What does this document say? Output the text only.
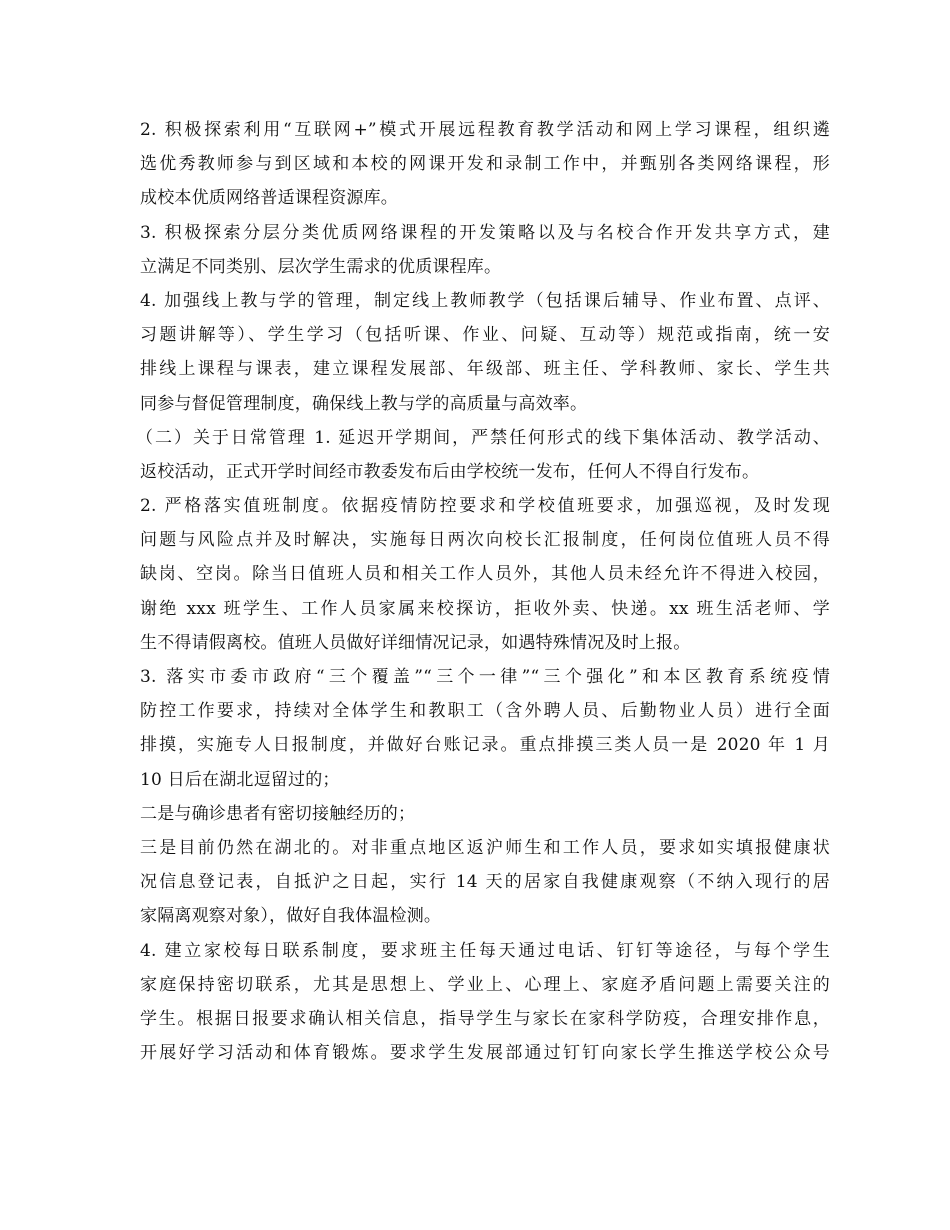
2. 积极探索利用“互联网+”模式开展远程教育教学活动和网上学习课程，组织遴
选优秀教师参与到区域和本校的网课开发和录制工作中，并甄别各类网络课程，形
成校本优质网络普适课程资源库。
3. 积极探索分层分类优质网络课程的开发策略以及与名校合作开发共享方式，建
立满足不同类别、层次学生需求的优质课程库。
4. 加强线上教与学的管理，制定线上教师教学（包括课后辅导、作业布置、点评、
习题讲解等）、学生学习（包括听课、作业、问疑、互动等）规范或指南，统一安
排线上课程与课表，建立课程发展部、年级部、班主任、学科教师、家长、学生共
同参与督促管理制度，确保线上教与学的高质量与高效率。
（二）关于日常管理 1. 延迟开学期间，严禁任何形式的线下集体活动、教学活动、
返校活动，正式开学时间经市教委发布后由学校统一发布，任何人不得自行发布。
2. 严格落实值班制度。依据疫情防控要求和学校值班要求，加强巡视，及时发现
问题与风险点并及时解决，实施每日两次向校长汇报制度，任何岗位值班人员不得
缺岗、空岗。除当日值班人员和相关工作人员外，其他人员未经允许不得进入校园，
谢绝 xxx 班学生、工作人员家属来校探访，拒收外卖、快递。xx 班生活老师、学
生不得请假离校。值班人员做好详细情况记录，如遇特殊情况及时上报。
3. 落实市委市政府“三个覆盖”“三个一律”“三个强化”和本区教育系统疫情
防控工作要求，持续对全体学生和教职工（含外聘人员、后勤物业人员）进行全面
排摸，实施专人日报制度，并做好台账记录。重点排摸三类人员一是 2020 年 1 月
10 日后在湖北逗留过的；
二是与确诊患者有密切接触经历的；
三是目前仍然在湖北的。对非重点地区返沪师生和工作人员，要求如实填报健康状
况信息登记表，自抵沪之日起，实行 14 天的居家自我健康观察（不纳入现行的居
家隔离观察对象），做好自我体温检测。
4. 建立家校每日联系制度，要求班主任每天通过电话、钉钉等途径，与每个学生
家庭保持密切联系，尤其是思想上、学业上、心理上、家庭矛盾问题上需要关注的
学生。根据日报要求确认相关信息，指导学生与家长在家科学防疫，合理安排作息，
开展好学习活动和体育锻炼。要求学生发展部通过钉钉向家长学生推送学校公众号
